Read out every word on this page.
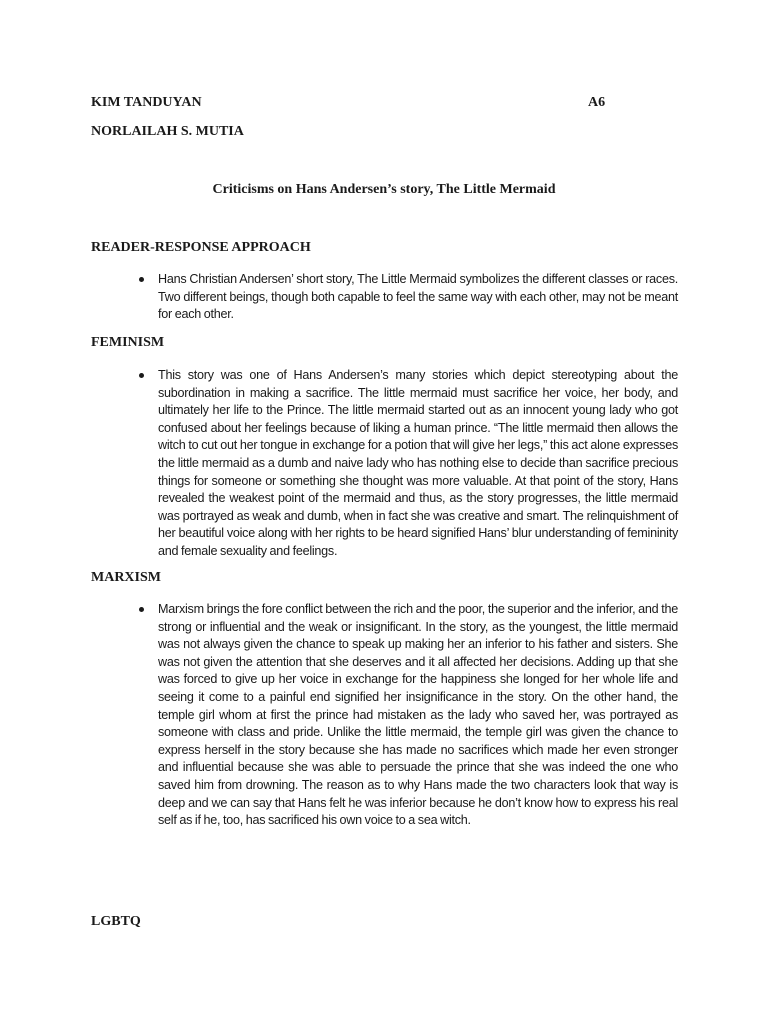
KIM TANDUYAN	A6
NORLAILAH S. MUTIA
Criticisms on Hans Andersen’s story, The Little Mermaid
READER-RESPONSE APPROACH
Hans Christian Andersen’ short story, The Little Mermaid symbolizes the different classes or races. Two different beings, though both capable to feel the same way with each other, may not be meant for each other.
FEMINISM
This story was one of Hans Andersen’s many stories which depict stereotyping about the subordination in making a sacrifice. The little mermaid must sacrifice her voice, her body, and ultimately her life to the Prince. The little mermaid started out as an innocent young lady who got confused about her feelings because of liking a human prince. “The little mermaid then allows the witch to cut out her tongue in exchange for a potion that will give her legs,” this act alone expresses the little mermaid as a dumb and naive lady who has nothing else to decide than sacrifice precious things for someone or something she thought was more valuable. At that point of the story, Hans revealed the weakest point of the mermaid and thus, as the story progresses, the little mermaid was portrayed as weak and dumb, when in fact she was creative and smart. The relinquishment of her beautiful voice along with her rights to be heard signified Hans’ blur understanding of femininity and female sexuality and feelings.
MARXISM
Marxism brings the fore conflict between the rich and the poor, the superior and the inferior, and the strong or influential and the weak or insignificant. In the story, as the youngest, the little mermaid was not always given the chance to speak up making her an inferior to his father and sisters. She was not given the attention that she deserves and it all affected her decisions. Adding up that she was forced to give up her voice in exchange for the happiness she longed for her whole life and seeing it come to a painful end signified her insignificance in the story. On the other hand, the temple girl whom at first the prince had mistaken as the lady who saved her, was portrayed as someone with class and pride. Unlike the little mermaid, the temple girl was given the chance to express herself in the story because she has made no sacrifices which made her even stronger and influential because she was able to persuade the prince that she was indeed the one who saved him from drowning. The reason as to why Hans made the two characters look that way is deep and we can say that Hans felt he was inferior because he don’t know how to express his real self as if he, too, has sacrificed his own voice to a sea witch.
LGBTQ
